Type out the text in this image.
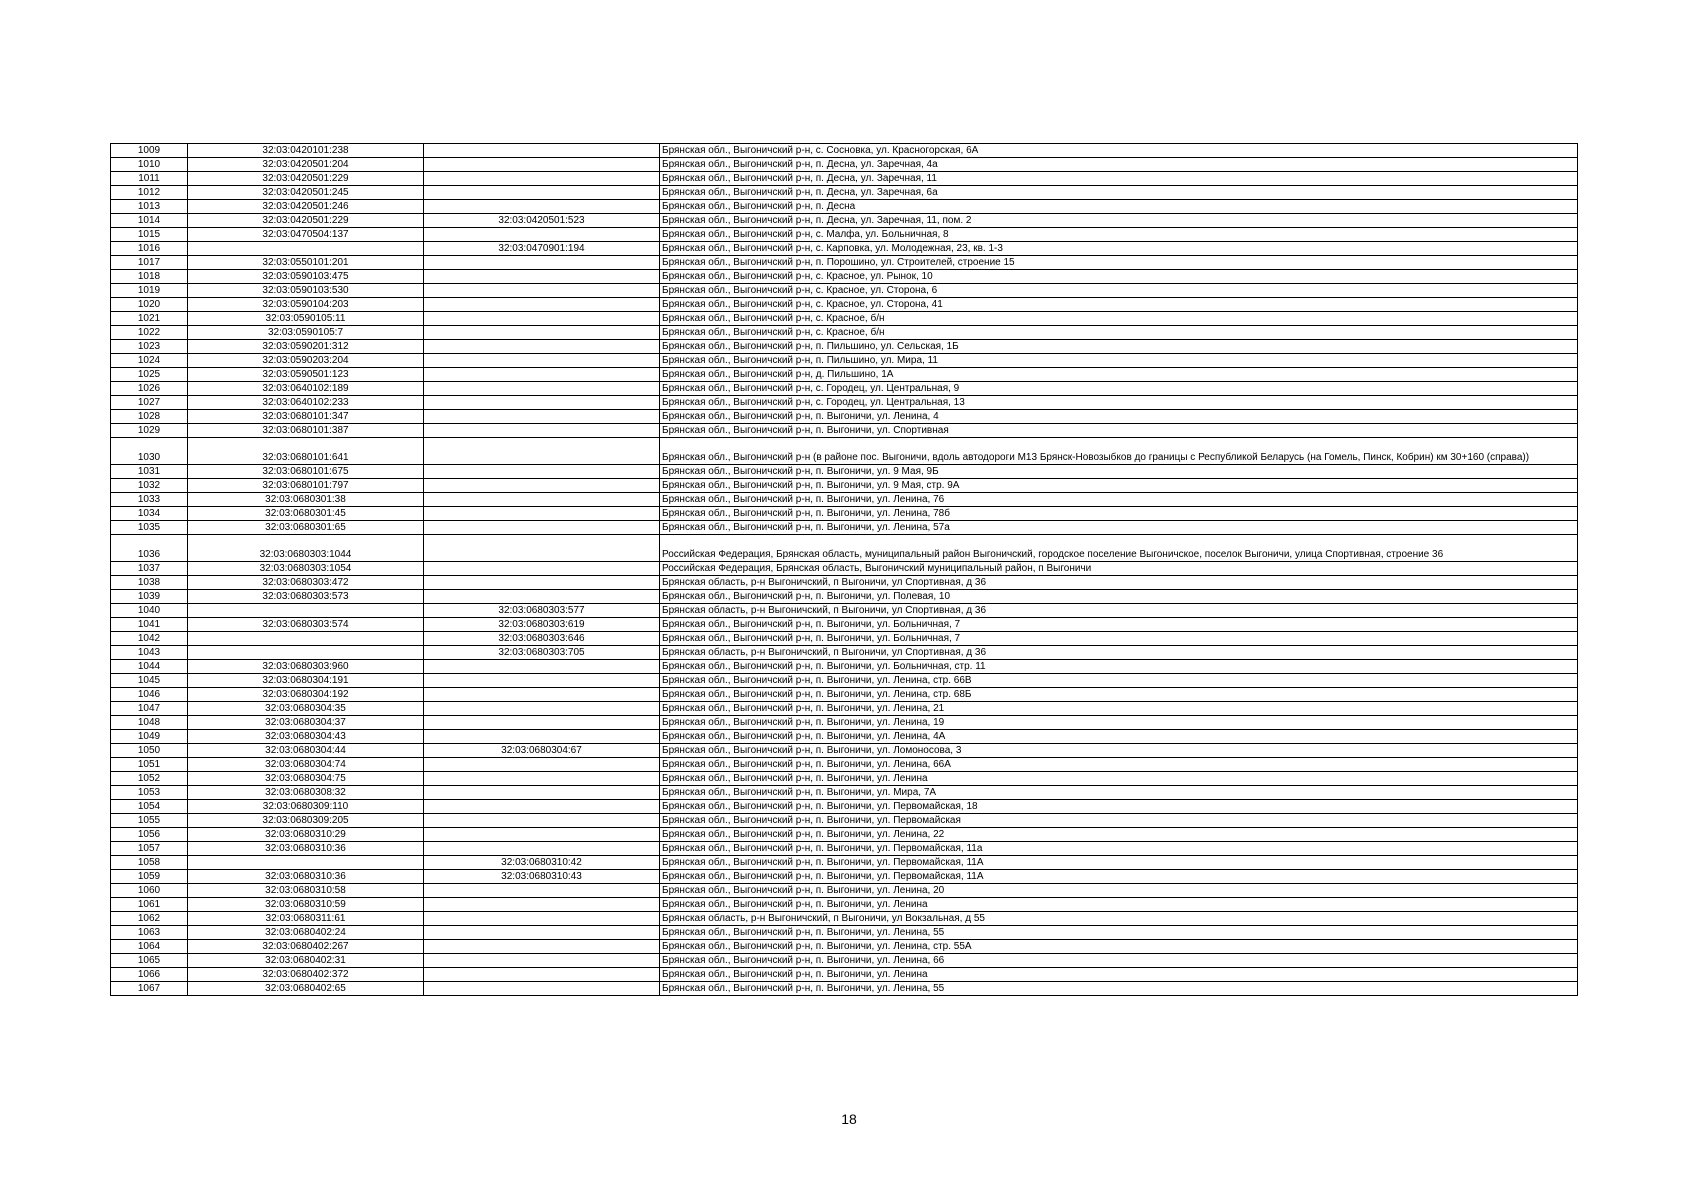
1009	32:03:0420101:238		Брянская обл., Выгоничский р-н, с. Сосновка, ул. Красногорская, 6А
1010	32:03:0420501:204		Брянская обл., Выгоничский р-н, п. Десна, ул. Заречная, 4а
1011	32:03:0420501:229		Брянская обл., Выгоничский р-н, п. Десна, ул. Заречная, 11
1012	32:03:0420501:245		Брянская обл., Выгоничский р-н, п. Десна, ул. Заречная, 6а
1013	32:03:0420501:246		Брянская обл., Выгоничский р-н, п. Десна
1014	32:03:0420501:229	32:03:0420501:523	Брянская обл., Выгоничский р-н, п. Десна, ул. Заречная, 11, пом. 2
1015	32:03:0470504:137		Брянская обл., Выгоничский р-н, с. Малфа, ул. Больничная, 8
1016		32:03:0470901:194	Брянская обл., Выгоничский р-н, с. Карповка, ул. Молодежная, 23, кв. 1-3
1017	32:03:0550101:201		Брянская обл., Выгоничский р-н, п. Порошино, ул. Строителей, строение 15
1018	32:03:0590103:475		Брянская обл., Выгоничский р-н, с. Красное, ул. Рынок, 10
1019	32:03:0590103:530		Брянская обл., Выгоничский р-н, с. Красное, ул. Сторона, 6
1020	32:03:0590104:203		Брянская обл., Выгоничский р-н, с. Красное, ул. Сторона, 41
1021	32:03:0590105:11		Брянская обл., Выгоничский р-н, с. Красное, б/н
1022	32:03:0590105:7		Брянская обл., Выгоничский р-н, с. Красное, б/н
1023	32:03:0590201:312		Брянская обл., Выгоничский р-н, п. Пильшино, ул. Сельская, 1Б
1024	32:03:0590203:204		Брянская обл., Выгоничский р-н, п. Пильшино, ул. Мира, 11
1025	32:03:0590501:123		Брянская обл., Выгоничский р-н, д. Пильшино, 1А
1026	32:03:0640102:189		Брянская обл., Выгоничский р-н, с. Городец, ул. Центральная, 9
1027	32:03:0640102:233		Брянская обл., Выгоничский р-н, с. Городец, ул. Центральная, 13
1028	32:03:0680101:347		Брянская обл., Выгоничский р-н, п. Выгоничи, ул. Ленина, 4
1029	32:03:0680101:387		Брянская обл., Выгоничский р-н, п. Выгоничи, ул. Спортивная
1030	32:03:0680101:641		Брянская обл., Выгоничский р-н (в районе пос. Выгоничи, вдоль автодороги М13 Брянск-Новозыбков до границы с Республикой Беларусь (на Гомель, Пинск, Кобрин) км 30+160 (справа))
1031	32:03:0680101:675		Брянская обл., Выгоничский р-н, п. Выгоничи, ул. 9 Мая, 9Б
1032	32:03:0680101:797		Брянская обл., Выгоничский р-н, п. Выгоничи, ул. 9 Мая, стр. 9А
1033	32:03:0680301:38		Брянская обл., Выгоничский р-н, п. Выгоничи, ул. Ленина, 76
1034	32:03:0680301:45		Брянская обл., Выгоничский р-н, п. Выгоничи, ул. Ленина, 78б
1035	32:03:0680301:65		Брянская обл., Выгоничский р-н, п. Выгоничи, ул. Ленина, 57а
1036	32:03:0680303:1044		Российская Федерация, Брянская область, муниципальный район Выгоничский, городское поселение Выгоничское, поселок Выгоничи, улица Спортивная, строение 36
1037	32:03:0680303:1054		Российская Федерация, Брянская область, Выгоничский муниципальный район, п Выгоничи
1038	32:03:0680303:472		Брянская область, р-н Выгоничский, п Выгоничи, ул Спортивная, д 36
1039	32:03:0680303:573		Брянская обл., Выгоничский р-н, п. Выгоничи, ул. Полевая, 10
1040		32:03:0680303:577	Брянская область, р-н Выгоничский, п Выгоничи, ул Спортивная, д 36
1041	32:03:0680303:574	32:03:0680303:619	Брянская обл., Выгоничский р-н, п. Выгоничи, ул. Больничная, 7
1042		32:03:0680303:646	Брянская обл., Выгоничский р-н, п. Выгоничи, ул. Больничная, 7
1043		32:03:0680303:705	Брянская область, р-н Выгоничский, п Выгоничи, ул Спортивная, д 36
1044	32:03:0680303:960		Брянская обл., Выгоничский р-н, п. Выгоничи, ул. Больничная, стр. 11
1045	32:03:0680304:191		Брянская обл., Выгоничский р-н, п. Выгоничи, ул. Ленина, стр. 66В
1046	32:03:0680304:192		Брянская обл., Выгоничский р-н, п. Выгоничи, ул. Ленина, стр. 68Б
1047	32:03:0680304:35		Брянская обл., Выгоничский р-н, п. Выгоничи, ул. Ленина, 21
1048	32:03:0680304:37		Брянская обл., Выгоничский р-н, п. Выгоничи, ул. Ленина, 19
1049	32:03:0680304:43		Брянская обл., Выгоничский р-н, п. Выгоничи, ул. Ленина, 4А
1050	32:03:0680304:44	32:03:0680304:67	Брянская обл., Выгоничский р-н, п. Выгоничи, ул. Ломоносова, 3
1051	32:03:0680304:74		Брянская обл., Выгоничский р-н, п. Выгоничи, ул. Ленина, 66А
1052	32:03:0680304:75		Брянская обл., Выгоничский р-н, п. Выгоничи, ул. Ленина
1053	32:03:0680308:32		Брянская обл., Выгоничский р-н, п. Выгоничи, ул. Мира, 7А
1054	32:03:0680309:110		Брянская обл., Выгоничский р-н, п. Выгоничи, ул. Первомайская, 18
1055	32:03:0680309:205		Брянская обл., Выгоничский р-н, п. Выгоничи, ул. Первомайская
1056	32:03:0680310:29		Брянская обл., Выгоничский р-н, п. Выгоничи, ул. Ленина, 22
1057	32:03:0680310:36		Брянская обл., Выгоничский р-н, п. Выгоничи, ул. Первомайская, 11а
1058		32:03:0680310:42	Брянская обл., Выгоничский р-н, п. Выгоничи, ул. Первомайская, 11А
1059	32:03:0680310:36	32:03:0680310:43	Брянская обл., Выгоничский р-н, п. Выгоничи, ул. Первомайская, 11А
1060	32:03:0680310:58		Брянская обл., Выгоничский р-н, п. Выгоничи, ул. Ленина, 20
1061	32:03:0680310:59		Брянская обл., Выгоничский р-н, п. Выгоничи, ул. Ленина
1062	32:03:0680311:61		Брянская область, р-н Выгоничский, п Выгоничи, ул Вокзальная, д 55
1063	32:03:0680402:24		Брянская обл., Выгоничский р-н, п. Выгоничи, ул. Ленина, 55
1064	32:03:0680402:267		Брянская обл., Выгоничский р-н, п. Выгоничи, ул. Ленина, стр. 55А
1065	32:03:0680402:31		Брянская обл., Выгоничский р-н, п. Выгоничи, ул. Ленина, 66
1066	32:03:0680402:372		Брянская обл., Выгоничский р-н, п. Выгоничи, ул. Ленина
1067	32:03:0680402:65		Брянская обл., Выгоничский р-н, п. Выгоничи, ул. Ленина, 55
18
